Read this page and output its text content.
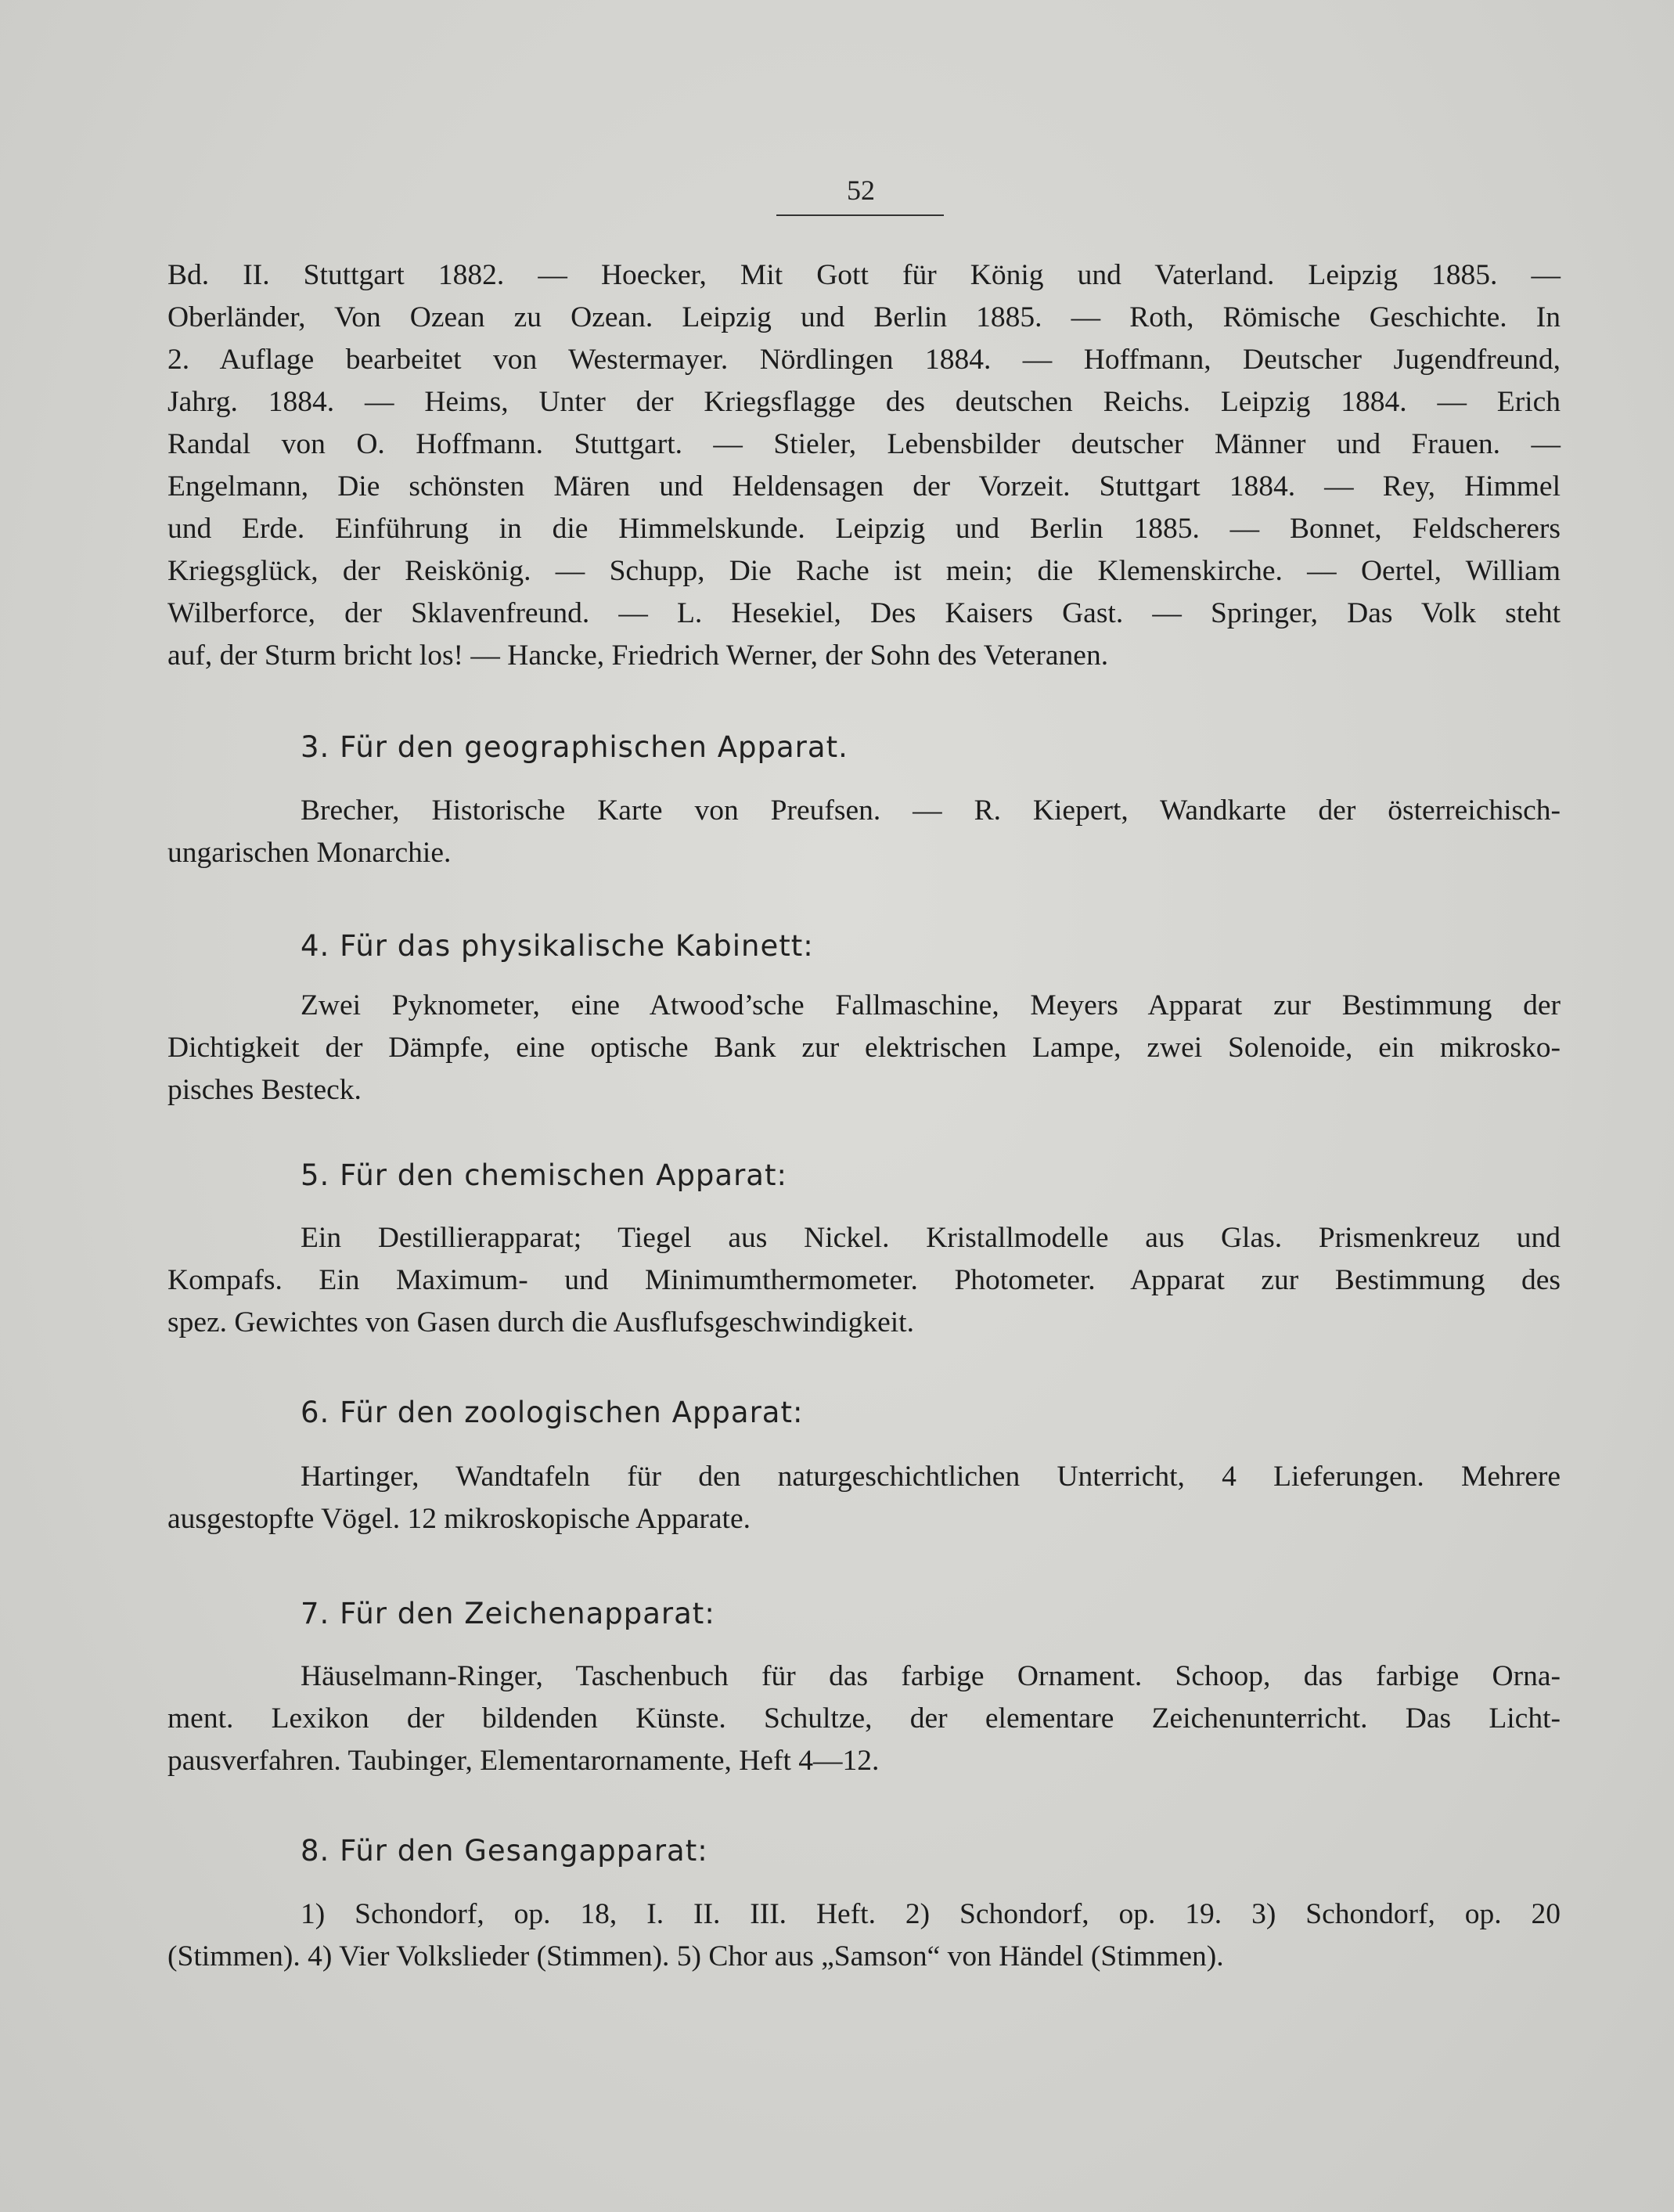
52
Bd. II. Stuttgart 1882. — Hoecker, Mit Gott für König und Vaterland. Leipzig 1885. —
Oberländer, Von Ozean zu Ozean. Leipzig und Berlin 1885. — Roth, Römische Geschichte. In
2. Auflage bearbeitet von Westermayer. Nördlingen 1884. — Hoffmann, Deutscher Jugendfreund,
Jahrg. 1884. — Heims, Unter der Kriegsflagge des deutschen Reichs. Leipzig 1884. — Erich
Randal von O. Hoffmann. Stuttgart. — Stieler, Lebensbilder deutscher Männer und Frauen. —
Engelmann, Die schönsten Mären und Heldensagen der Vorzeit. Stuttgart 1884. — Rey, Himmel
und Erde. Einführung in die Himmelskunde. Leipzig und Berlin 1885. — Bonnet, Feldscherers
Kriegsglück, der Reiskönig. — Schupp, Die Rache ist mein; die Klemenskirche. — Oertel, William
Wilberforce, der Sklavenfreund. — L. Hesekiel, Des Kaisers Gast. — Springer, Das Volk steht
auf, der Sturm bricht los! — Hancke, Friedrich Werner, der Sohn des Veteranen.
3. Für den geographischen Apparat.
Brecher, Historische Karte von Preufsen. — R. Kiepert, Wandkarte der österreichisch-
ungarischen Monarchie.
4. Für das physikalische Kabinett:
Zwei Pyknometer, eine Atwood’sche Fallmaschine, Meyers Apparat zur Bestimmung der
Dichtigkeit der Dämpfe, eine optische Bank zur elektrischen Lampe, zwei Solenoide, ein mikrosko-
pisches Besteck.
5. Für den chemischen Apparat:
Ein Destillierapparat; Tiegel aus Nickel. Kristallmodelle aus Glas. Prismenkreuz und
Kompafs. Ein Maximum- und Minimumthermometer. Photometer. Apparat zur Bestimmung des
spez. Gewichtes von Gasen durch die Ausflufsgeschwindigkeit.
6. Für den zoologischen Apparat:
Hartinger, Wandtafeln für den naturgeschichtlichen Unterricht, 4 Lieferungen. Mehrere
ausgestopfte Vögel. 12 mikroskopische Apparate.
7. Für den Zeichenapparat:
Häuselmann-Ringer, Taschenbuch für das farbige Ornament. Schoop, das farbige Orna-
ment. Lexikon der bildenden Künste. Schultze, der elementare Zeichenunterricht. Das Licht-
pausverfahren. Taubinger, Elementarornamente, Heft 4—12.
8. Für den Gesangapparat:
1) Schondorf, op. 18, I. II. III. Heft. 2) Schondorf, op. 19. 3) Schondorf, op. 20
(Stimmen). 4) Vier Volkslieder (Stimmen). 5) Chor aus „Samson“ von Händel (Stimmen).
